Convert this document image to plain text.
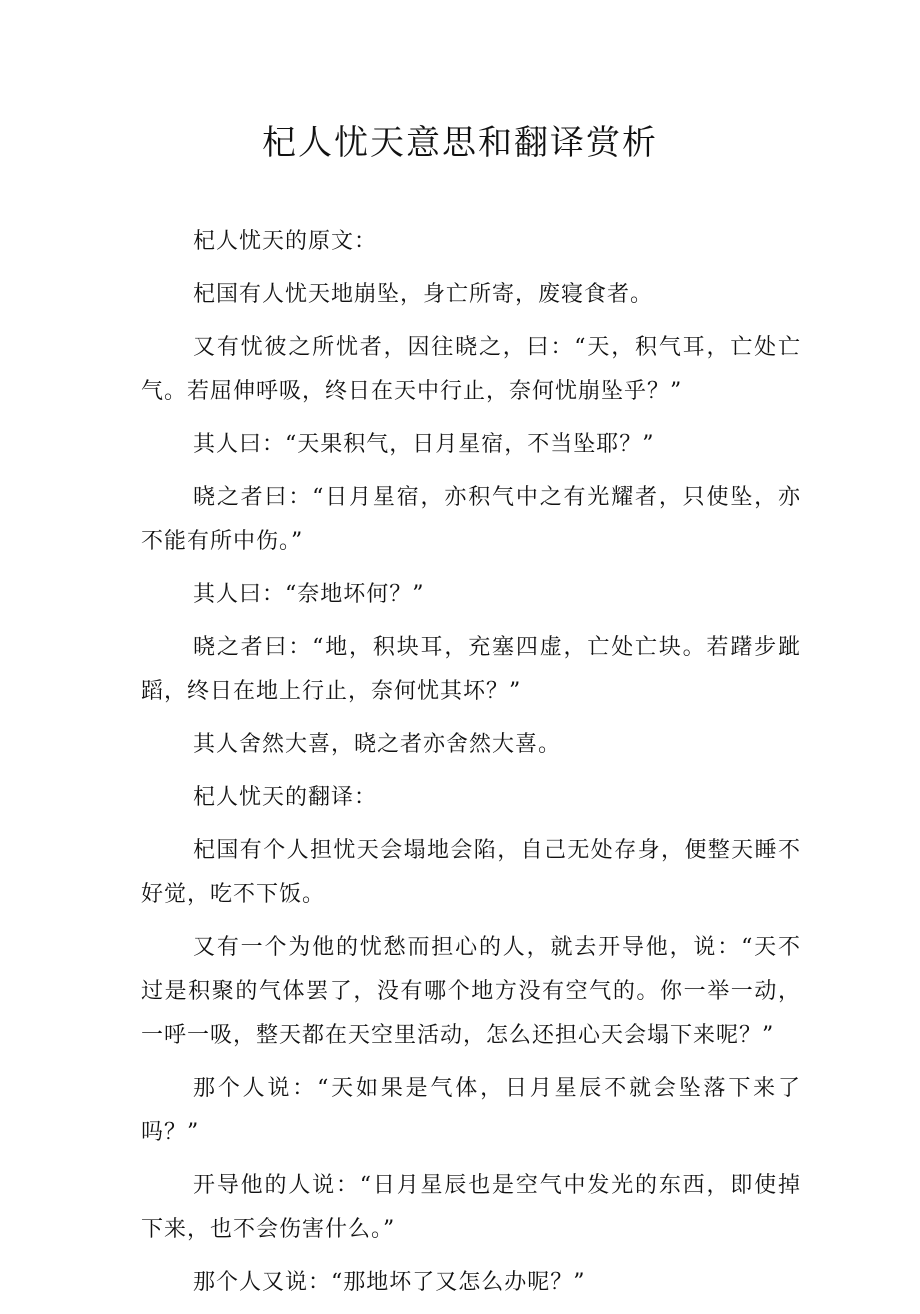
杞人忧天意思和翻译赏析

杞人忧天的原文：

杞国有人忧天地崩坠，身亡所寄，废寝食者。

又有忧彼之所忧者，因往晓之，曰：“天，积气耳，亡处亡气。若屈伸呼吸，终日在天中行止，奈何忧崩坠乎？”

其人曰：“天果积气，日月星宿，不当坠耶？”

晓之者曰：“日月星宿，亦积气中之有光耀者，只使坠，亦不能有所中伤。”

其人曰：“奈地坏何？”

晓之者曰：“地，积块耳，充塞四虚，亡处亡块。若躇步跐蹈，终日在地上行止，奈何忧其坏？”

其人舍然大喜，晓之者亦舍然大喜。

杞人忧天的翻译：

杞国有个人担忧天会塌地会陷，自己无处存身，便整天睡不好觉，吃不下饭。

又有一个为他的忧愁而担心的人，就去开导他，说：“天不过是积聚的气体罢了，没有哪个地方没有空气的。你一举一动，一呼一吸，整天都在天空里活动，怎么还担心天会塌下来呢？”

那个人说：“天如果是气体，日月星辰不就会坠落下来了吗？”

开导他的人说：“日月星辰也是空气中发光的东西，即使掉下来，也不会伤害什么。”

那个人又说：“那地坏了又怎么办呢？”
